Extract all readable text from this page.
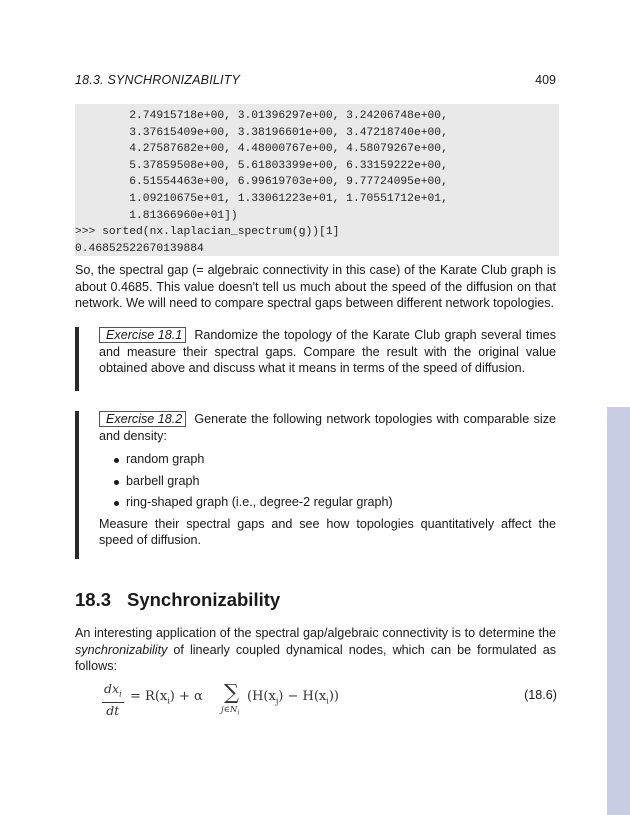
18.3. SYNCHRONIZABILITY	409
2.74915718e+00, 3.01396297e+00, 3.24206748e+00,
3.37615409e+00, 3.38196601e+00, 3.47218740e+00,
4.27587682e+00, 4.48000767e+00, 4.58079267e+00,
5.37859508e+00, 5.61803399e+00, 6.33159222e+00,
6.51554463e+00, 6.99619703e+00, 9.77724095e+00,
1.09210675e+01, 1.33061223e+01, 1.70551712e+01,
1.81366960e+01])
>>> sorted(nx.laplacian_spectrum(g))[1]
0.46852522670139884

So, the spectral gap (= algebraic connectivity in this case) of the Karate Club graph is about 0.4685. This value doesn't tell us much about the speed of the diffusion on that network. We will need to compare spectral gaps between different network topologies.

Exercise 18.1 Randomize the topology of the Karate Club graph several times and measure their spectral gaps. Compare the result with the original value obtained above and discuss what it means in terms of the speed of diffusion.

Exercise 18.2 Generate the following network topologies with comparable size and density:

random graph
barbell graph
ring-shaped graph (i.e., degree-2 regular graph)

Measure their spectral gaps and see how topologies quantitatively affect the speed of diffusion.

18.3 Synchronizability

An interesting application of the spectral gap/algebraic connectivity is to determine the synchronizability of linearly coupled dynamical nodes, which can be formulated as follows:

$dx_i$
dt
= $R(x_i) + \alpha$ ∑
$j\in N_i$
$(H(x_j) - H(x_i))$	(18.6)
